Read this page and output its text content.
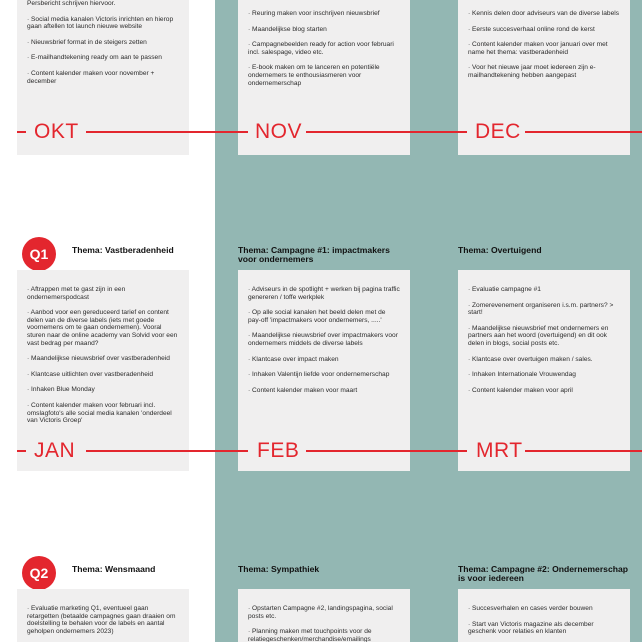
Persbericht schrijven hiervoor.
· Social media kanalen Victoris inrichten en hierop gaan aftellen tot launch nieuwe website
· Nieuwsbrief format in de steigers zetten
· E-mailhandtekening ready om aan te passen
· Content kalender maken voor november + december
· Reuring maken voor inschrijven nieuwsbrief
· Maandelijkse blog starten
· Campagnebeelden ready for action voor februari incl. salespage, video etc.
· E-book maken om te lanceren en potentiële ondernemers te enthousiasmeren voor ondernemerschap
· Kennis delen door adviseurs van de diverse labels
· Eerste succesverhaal online rond de kerst
· Content kalender maken voor januari over met name het thema: vastberadenheid
· Voor het nieuwe jaar moet iedereen zijn e-mailhandtekening hebben aangepast
OKT	NOV	DEC
Q1	Thema: Vastberadenheid	Thema: Campagne #1: impactmakers voor ondernemers
Thema: Overtuigend
· Aftrappen met te gast zijn in een ondernemerspodcast
· Aanbod voor een gereduceerd tarief en content delen van de diverse labels (iets met goede voornemens om te gaan ondernemen). Vooral sturen naar de online academy van Solvid voor een vast bedrag per maand?
· Maandelijkse nieuwsbrief over vastberadenheid
· Klantcase uitlichten over vastberadenheid
· Inhaken Blue Monday
· Content kalender maken voor februari incl. omslagfoto's alle social media kanalen 'onderdeel van Victoris Groep'
· Adviseurs in de spotlight + werken bij pagina traffic genereren / toffe werkplek
· Op alle social kanalen het beeld delen met de pay-off 'impactmakers voor ondernemers, .....'
· Maandelijkse nieuwsbrief over impactmakers voor ondernemers middels de diverse labels
· Klantcase over impact maken
· Inhaken Valentijn liefde voor ondernemerschap
· Content kalender maken voor maart
· Evaluatie campagne #1
· Zomerevenement organiseren i.s.m. partners? > start!
· Maandelijkse nieuwsbrief met ondernemers en partners aan het woord (overtuigend) en dit ook delen in blogs, social posts etc.
· Klantcase over overtuigen maken / sales.
· Inhaken Internationale Vrouwendag
· Content kalender maken voor april
JAN	FEB	MRT
Q2	Thema: Wensmaand	Thema: Sympathiek	Thema: Campagne #2: Ondernemerschap is voor iedereen
· Evaluatie marketing Q1, eventueel gaan retargetten (betaalde campagnes gaan draaien om doelstelling te behalen voor de labels en aantal geholpen ondernemers 2023)
· Opstarten Campagne #2, landingspagina, social posts etc.
· Planning maken met touchpoints voor de relatiegeschenken/merchandise/emailings
· Succesverhalen en cases verder bouwen
· Start van Victoris magazine als december geschenk voor relaties en klanten
